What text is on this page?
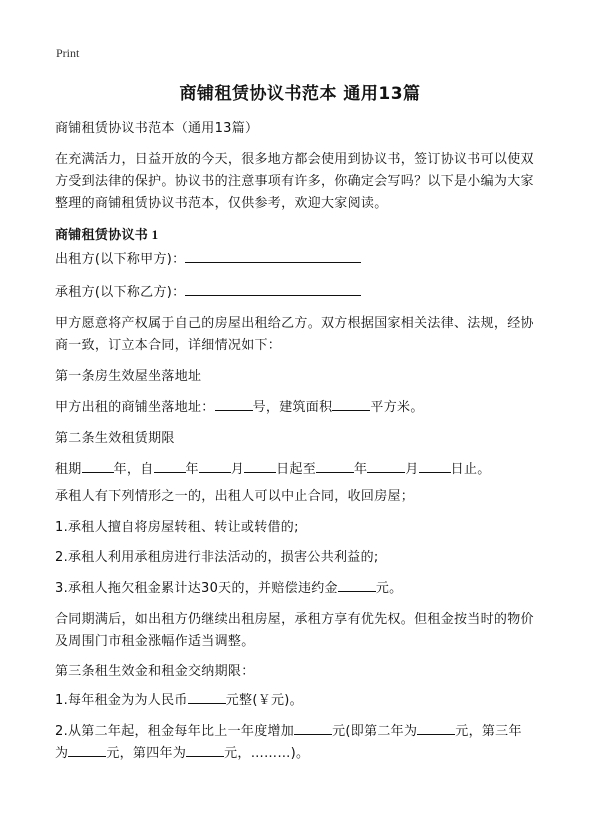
Print
商铺租赁协议书范本 通用13篇
商铺租赁协议书范本（通用13篇）
在充满活力，日益开放的今天，很多地方都会使用到协议书，签订协议书可以使双
方受到法律的保护。协议书的注意事项有许多，你确定会写吗？以下是小编为大家
整理的商铺租赁协议书范本，仅供参考，欢迎大家阅读。
商铺租赁协议书 1
出租方(以下称甲方)：
承租方(以下称乙方)：
甲方愿意将产权属于自己的房屋出租给乙方。双方根据国家相关法律、法规，经协
商一致，订立本合同，详细情况如下：
第一条房生效屋坐落地址
甲方出租的商铺坐落地址：	号，建筑面积	平方米。
第二条生效租赁期限
租期 年，自 年 月 日起至	年	月 日止。
承租人有下列情形之一的，出租人可以中止合同，收回房屋；
1.承租人擅自将房屋转租、转让或转借的;
2.承租人利用承租房进行非法活动的，损害公共利益的;
3.承租人拖欠租金累计达30天的，并赔偿违约金	元。
合同期满后，如出租方仍继续出租房屋，承租方享有优先权。但租金按当时的物价
及周围门市租金涨幅作适当调整。
第三条租生效金和租金交纳期限：
1.每年租金为为人民币	元整(￥元)。
2.从第二年起，租金每年比上一年度增加	元(即第二年为	元，第三年
为	元，第四年为	元，………)。
